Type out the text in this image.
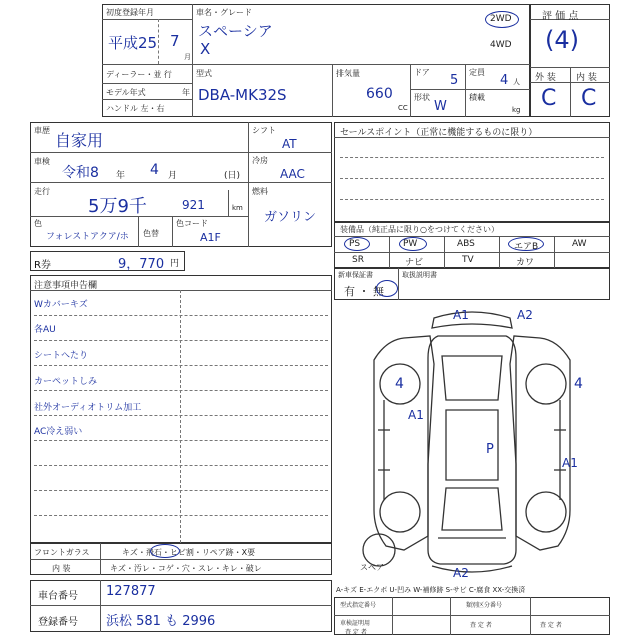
初度登録年月
平成25 7
月
車名・グレード
スペーシア
X
2WD
4WD
評 価 点
(4)
ディーラー・並 行
モデル年式	年
ハンドル 左・右
型式
DBA-MK32S
排気量
660
CC
ドア
5
形状
W
定員
4 人
積載
kg
外 装 内 装
C C
車歴
自家用
車検
令和8 年 4 月	(日)
走行
5万9千	921	km
色
フォレストアクア/ホ 色替
色コード
A1F
シフト
AT
冷房
AAC
燃料
ガソリン
R券	9，770 円
セールスポイント（正常に機能するものに限り）
装備品（純正品に限り○をつけてください）
PS	PW	ABS	エアB	AW
SR	ナビ	TV	カワ
新車保証書
有 ・ 無
取扱説明書
注意事項申告欄
Wカバーキズ
各AU
シートへたり
カーペットしみ
社外オーディオトリム加工
AC冷え弱い
フロントガラス	キズ・飛石・ヒビ割・リペア跡・X要
内 装	キズ・汚レ・コゲ・穴・スレ・キレ・破レ
車台番号 127877
登録番号 浜松 581 も 2996
A1	A2
4	4
A1
P
A1
A2
スペア
A-キズ E-エクボ U-凹み W-補修跡 S-サビ C-腐食 XX-交換済
型式指定番号	類別区分番号
車検証明用
査 定 者
査 定 者	査 定 者
